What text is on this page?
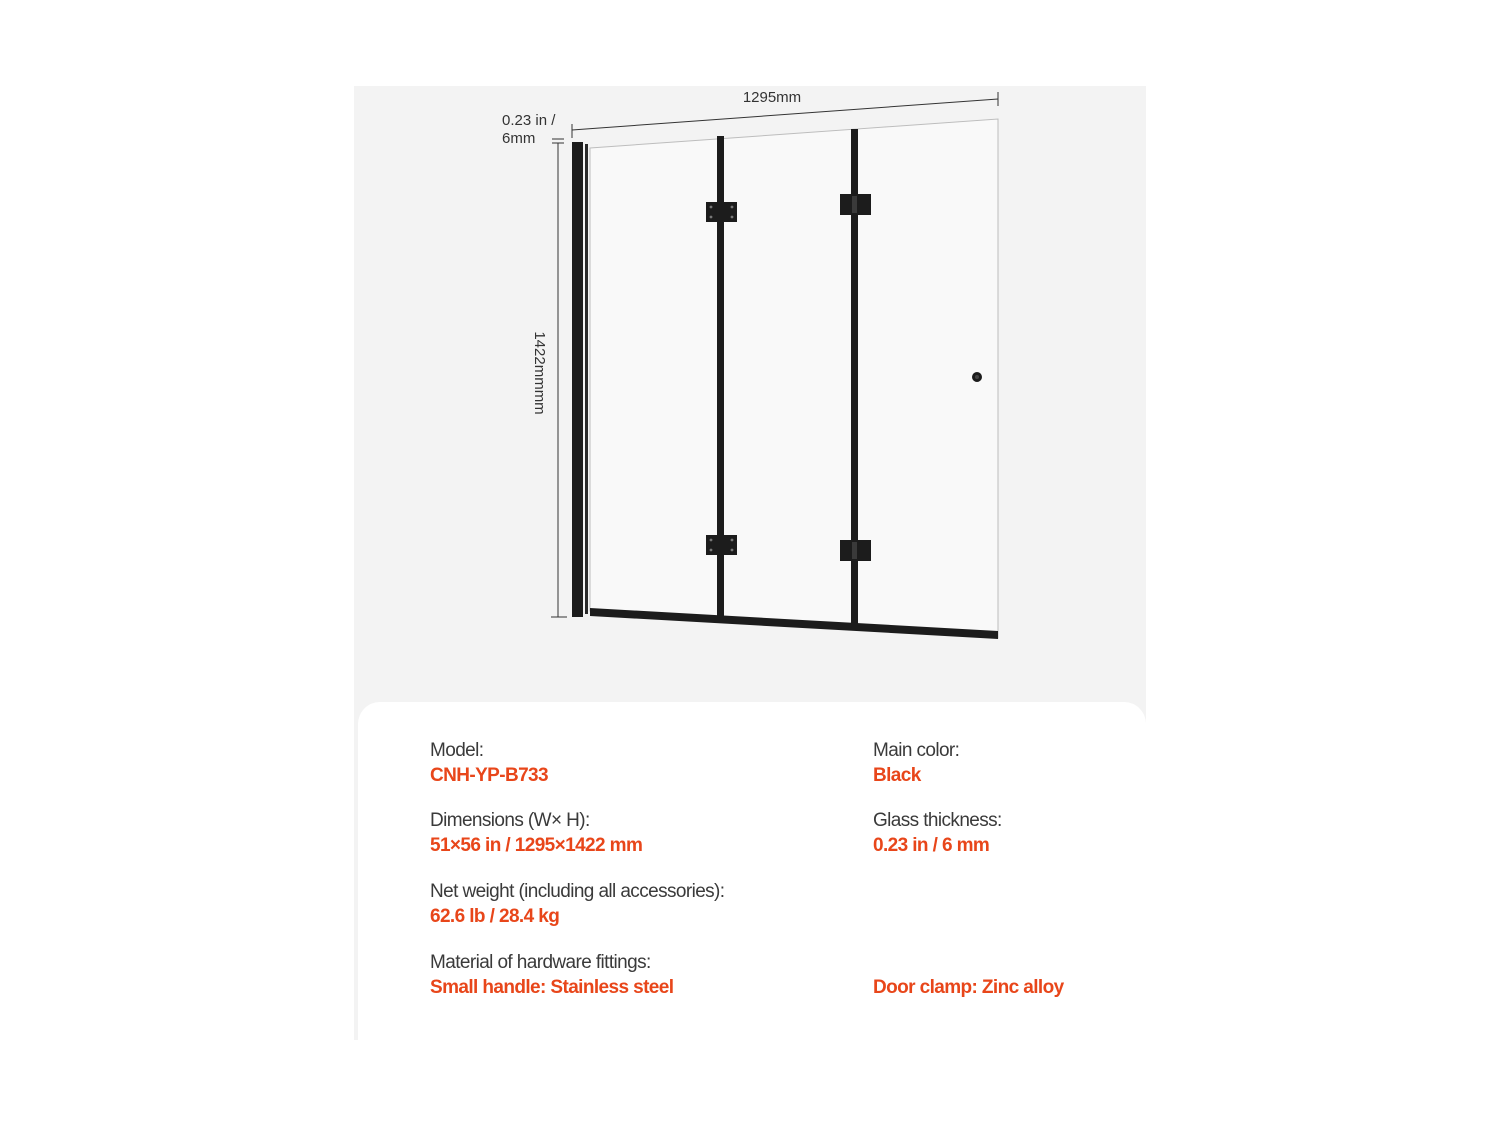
1295mm
0.23 in /
6mm
1422mmmm
Model:
CNH-YP-B733
Main color:
Black
Dimensions (W× H):
51×56 in / 1295×1422 mm
Glass thickness:
0.23 in / 6 mm
Net weight (including all accessories):
62.6 lb / 28.4 kg
Material of hardware fittings:
Small handle: Stainless steel	Door clamp: Zinc alloy
